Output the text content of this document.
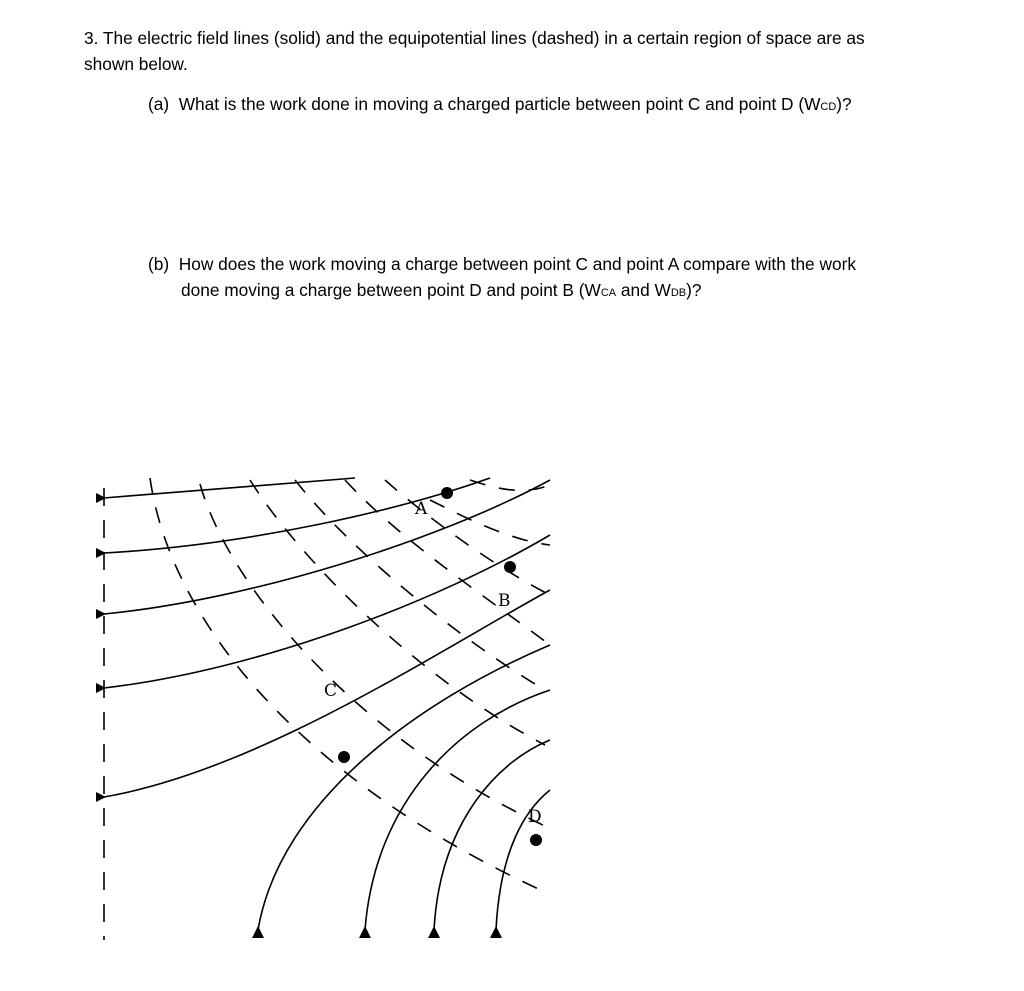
3. The electric field lines (solid) and the equipotential lines (dashed) in a certain region of space are as
shown below.
(a) What is the work done in moving a charged particle between point C and point D (WCD)?
(b) How does the work moving a charge between point C and point A compare with the work
done moving a charge between point D and point B (WCA and WDB)?
A
B
C
D
